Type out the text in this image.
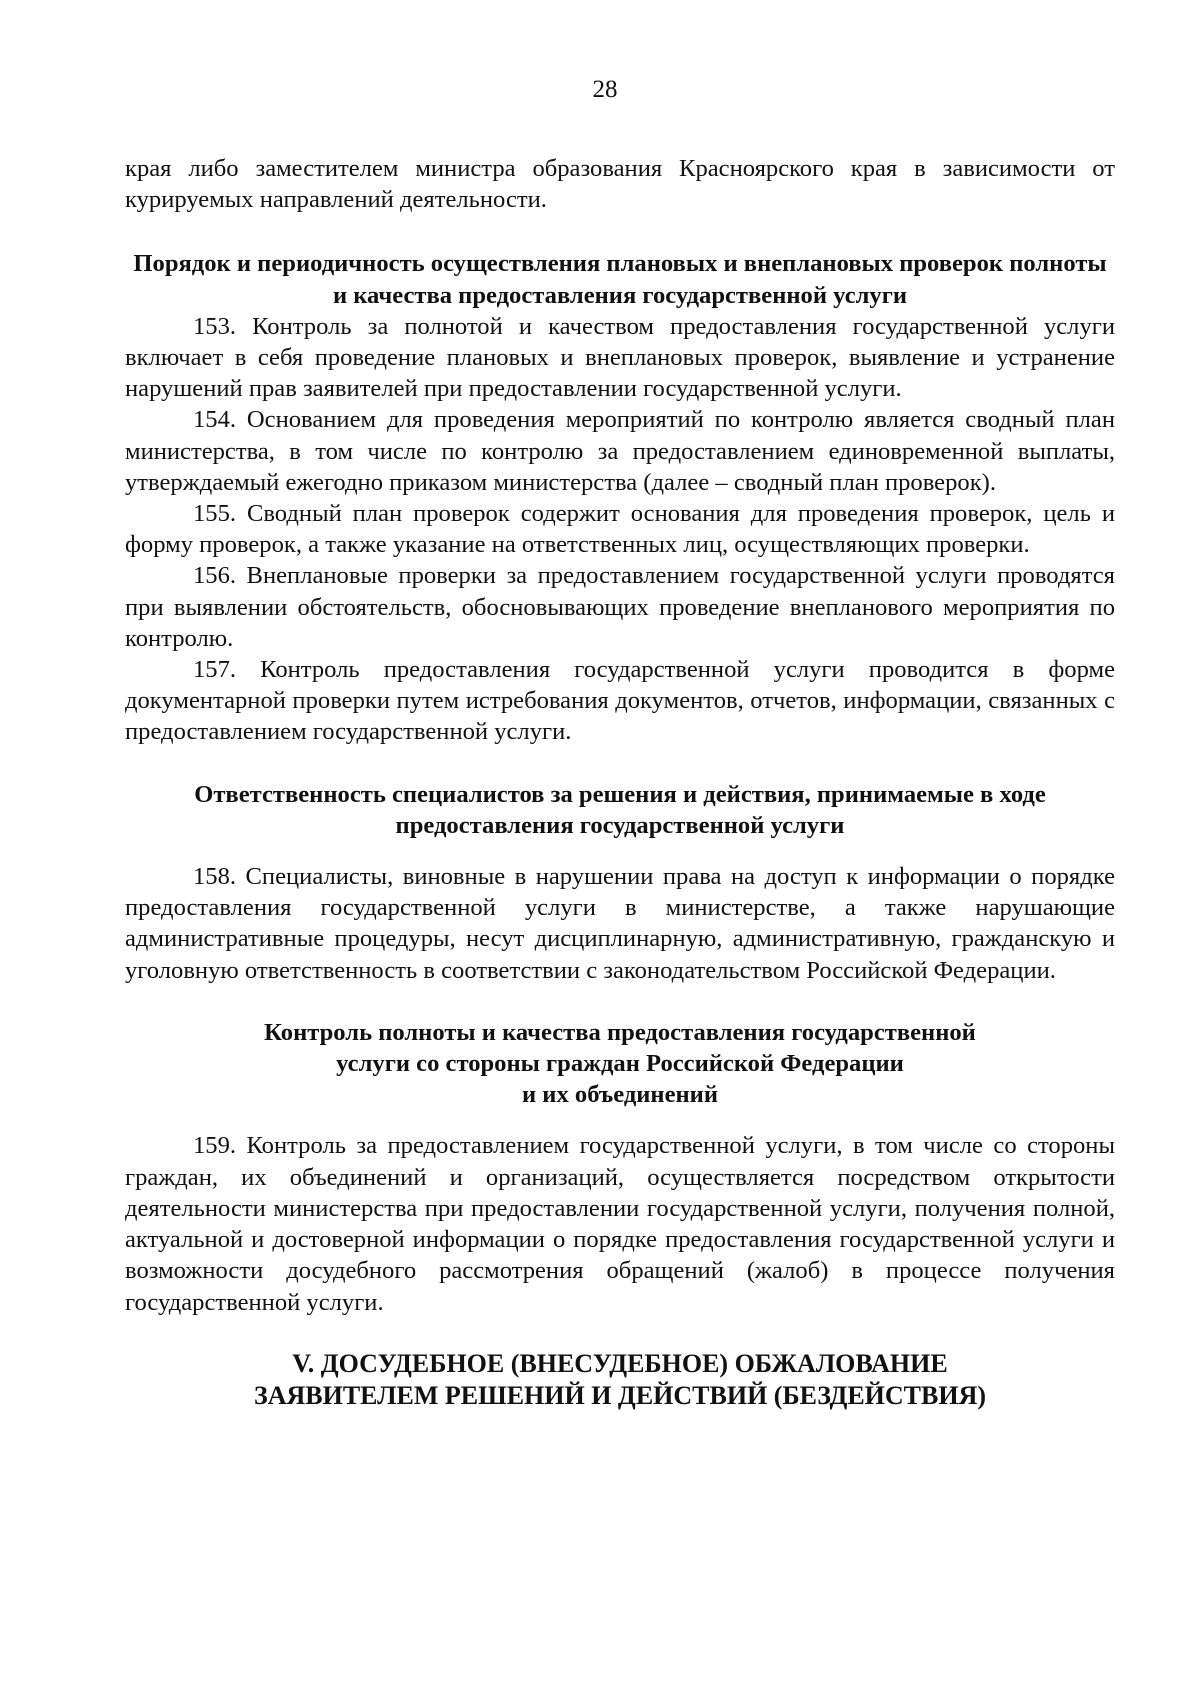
28

края либо заместителем министра образования Красноярского края в зависимости от курируемых направлений деятельности.

Порядок и периодичность осуществления плановых и внеплановых проверок полноты и качества предоставления государственной услуги

153. Контроль за полнотой и качеством предоставления государственной услуги включает в себя проведение плановых и внеплановых проверок, выявление и устранение нарушений прав заявителей при предоставлении государственной услуги.

154. Основанием для проведения мероприятий по контролю является сводный план министерства, в том числе по контролю за предоставлением единовременной выплаты, утверждаемый ежегодно приказом министерства (далее – сводный план проверок).

155. Сводный план проверок содержит основания для проведения проверок, цель и форму проверок, а также указание на ответственных лиц, осуществляющих проверки.

156. Внеплановые проверки за предоставлением государственной услуги проводятся при выявлении обстоятельств, обосновывающих проведение внепланового мероприятия по контролю.

157. Контроль предоставления государственной услуги проводится в форме документарной проверки путем истребования документов, отчетов, информации, связанных с предоставлением государственной услуги.

Ответственность специалистов за решения и действия, принимаемые в ходе предоставления государственной услуги

158. Специалисты, виновные в нарушении права на доступ к информации о порядке предоставления государственной услуги в министерстве, а также нарушающие административные процедуры, несут дисциплинарную, административную, гражданскую и уголовную ответственность в соответствии с законодательством Российской Федерации.

Контроль полноты и качества предоставления государственной
услуги со стороны граждан Российской Федерации
и их объединений

159. Контроль за предоставлением государственной услуги, в том числе со стороны граждан, их объединений и организаций, осуществляется посредством открытости деятельности министерства при предоставлении государственной услуги, получения полной, актуальной и достоверной информации о порядке предоставления государственной услуги и возможности досудебного рассмотрения обращений (жалоб) в процессе получения государственной услуги.

V. ДОСУДЕБНОЕ (ВНЕСУДЕБНОЕ) ОБЖАЛОВАНИЕ
ЗАЯВИТЕЛЕМ РЕШЕНИЙ И ДЕЙСТВИЙ (БЕЗДЕЙСТВИЯ)
